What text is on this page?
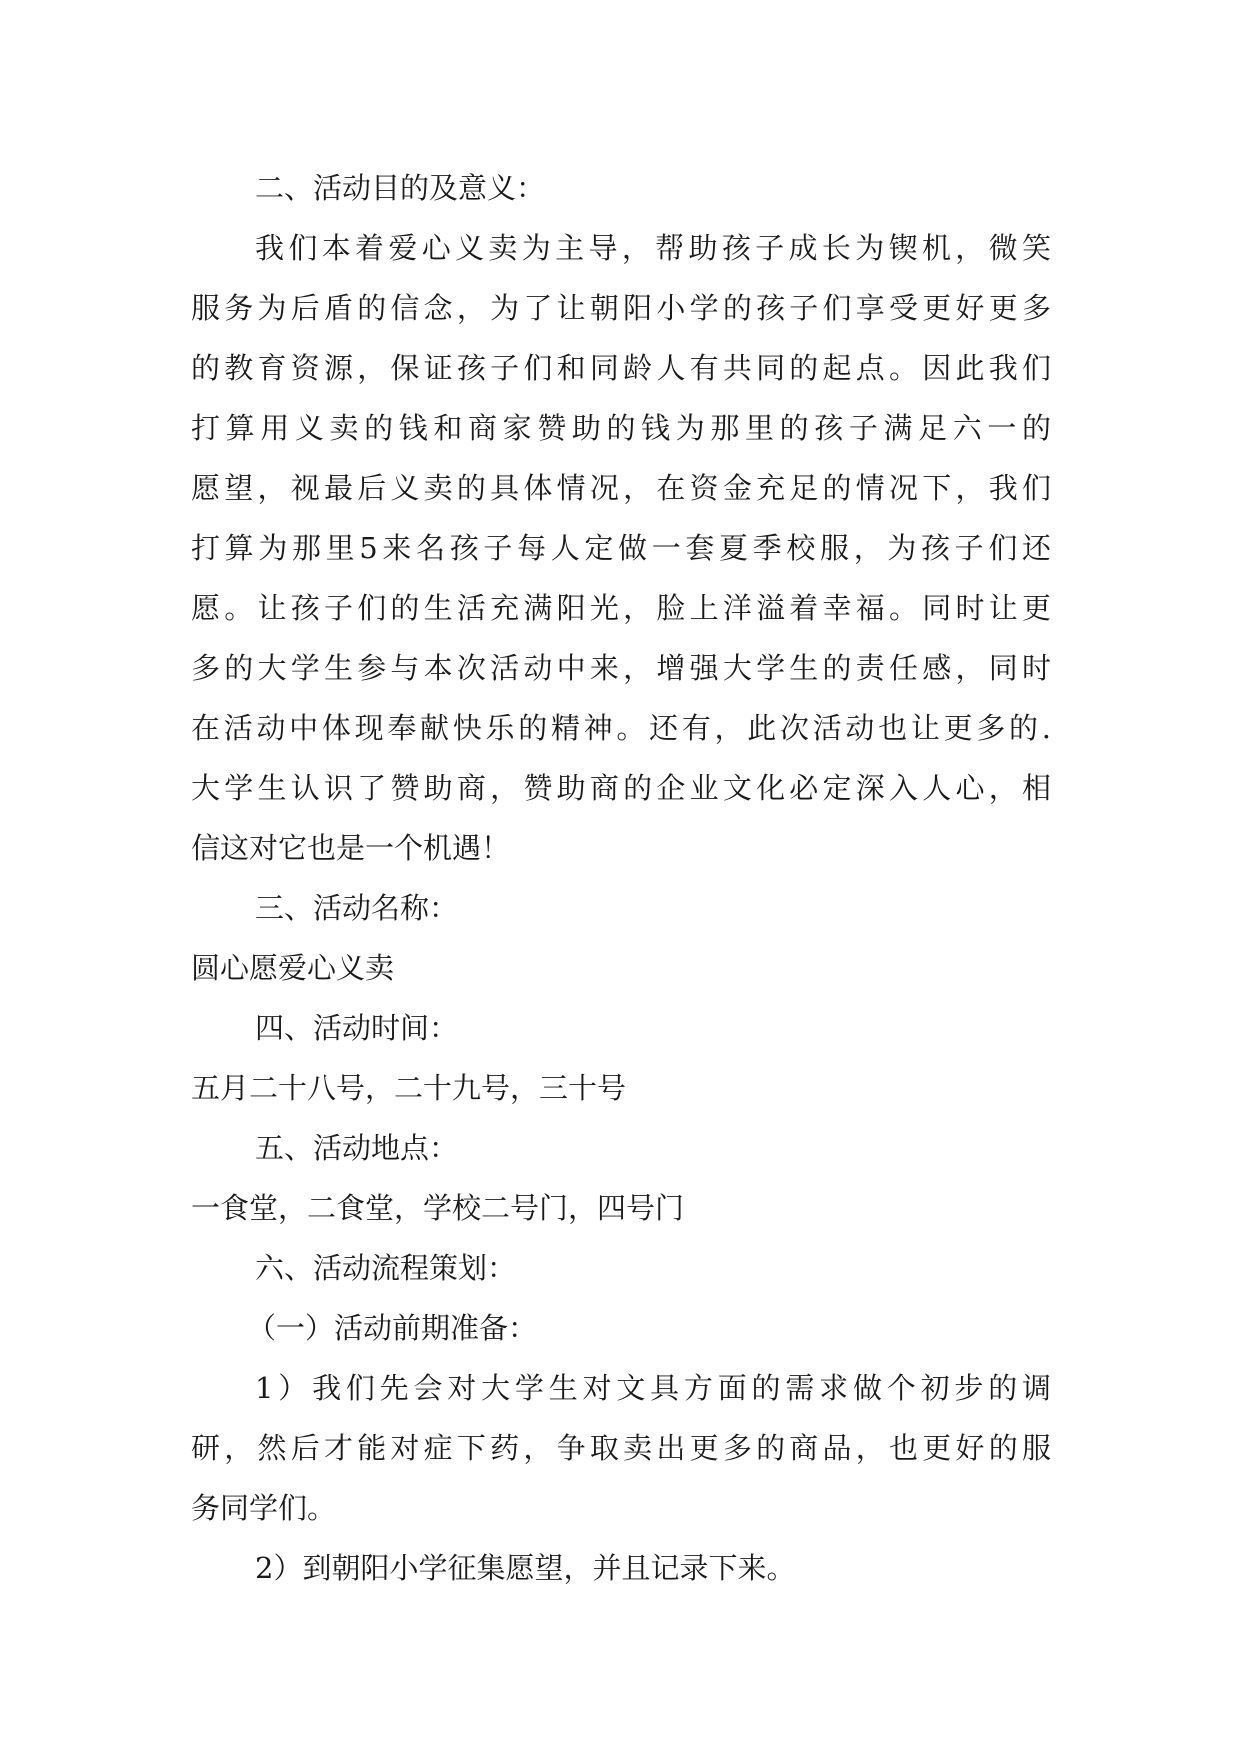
二、活动目的及意义：
我们本着爱心义卖为主导，帮助孩子成长为锲机，微笑
服务为后盾的信念，为了让朝阳小学的孩子们享受更好更多
的教育资源，保证孩子们和同龄人有共同的起点。因此我们
打算用义卖的钱和商家赞助的钱为那里的孩子满足六一的
愿望，视最后义卖的具体情况，在资金充足的情况下，我们
打算为那里5来名孩子每人定做一套夏季校服，为孩子们还
愿。让孩子们的生活充满阳光，脸上洋溢着幸福。同时让更
多的大学生参与本次活动中来，增强大学生的责任感，同时
在活动中体现奉献快乐的精神。还有，此次活动也让更多的.
大学生认识了赞助商，赞助商的企业文化必定深入人心，相
信这对它也是一个机遇！
三、活动名称：
圆心愿爱心义卖
四、活动时间：
五月二十八号，二十九号，三十号
五、活动地点：
一食堂，二食堂，学校二号门，四号门
六、活动流程策划：
（一）活动前期准备：
1）我们先会对大学生对文具方面的需求做个初步的调
研，然后才能对症下药，争取卖出更多的商品，也更好的服
务同学们。
2）到朝阳小学征集愿望，并且记录下来。
